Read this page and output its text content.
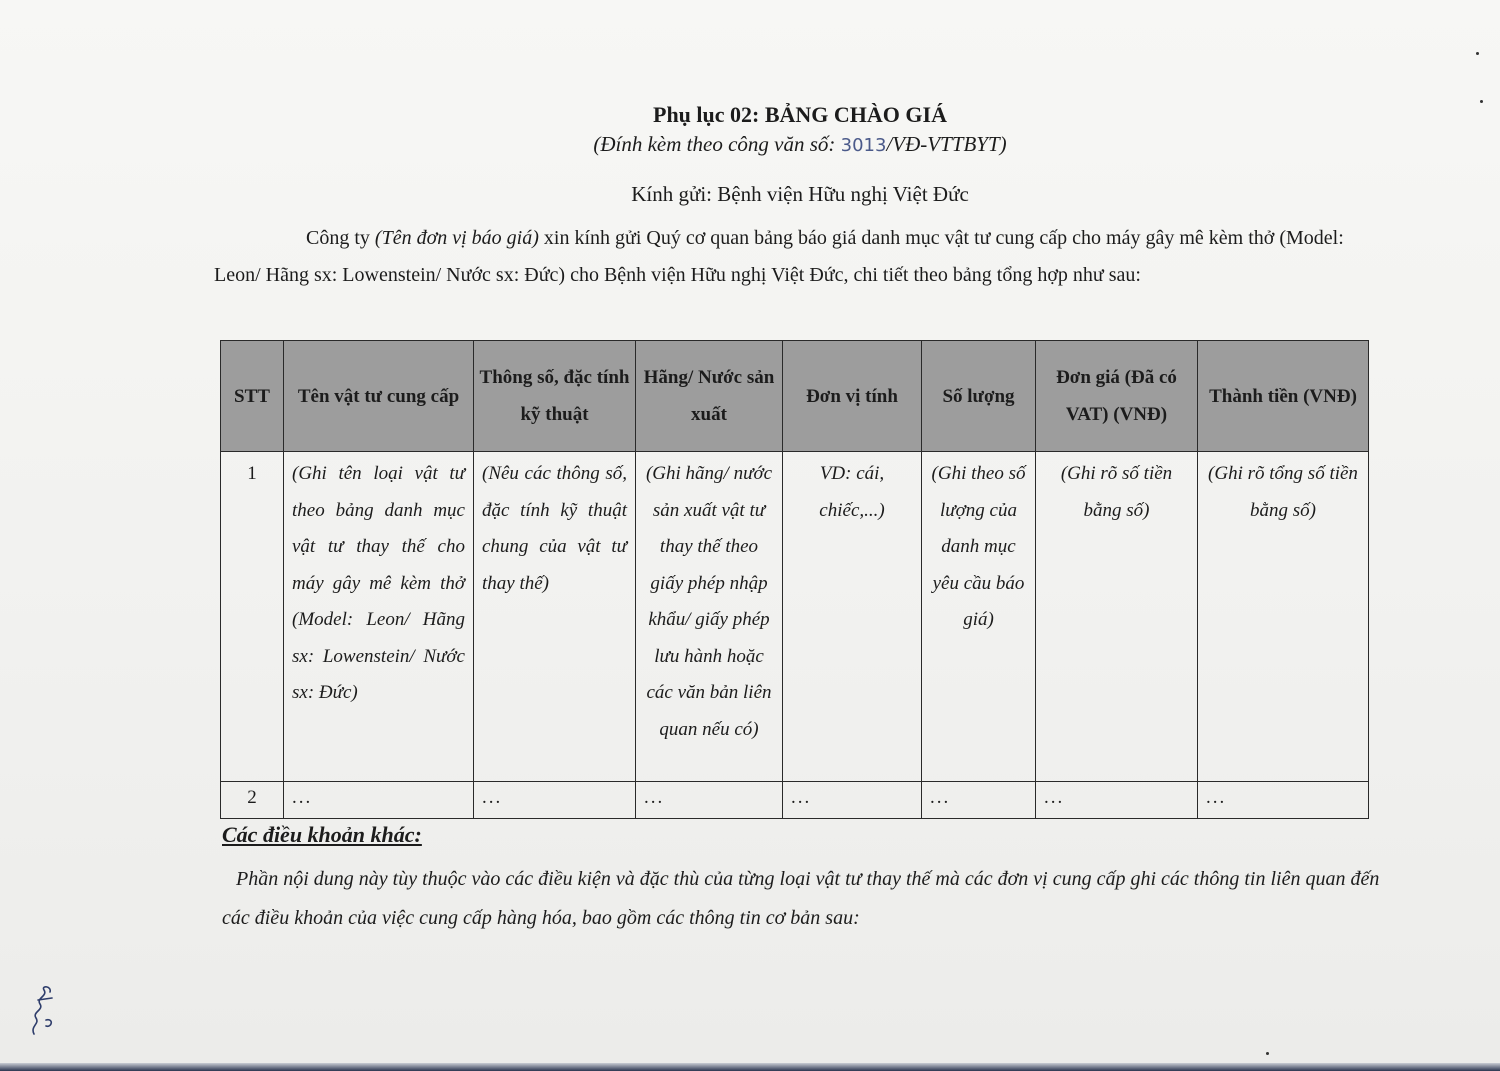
Phụ lục 02: BẢNG CHÀO GIÁ
(Đính kèm theo công văn số: 3013/VĐ-VTTBYT)
Kính gửi: Bệnh viện Hữu nghị Việt Đức
Công ty (Tên đơn vị báo giá) xin kính gửi Quý cơ quan bảng báo giá danh mục vật tư cung cấp cho máy gây mê kèm thở (Model: Leon/ Hãng sx: Lowenstein/ Nước sx: Đức) cho Bệnh viện Hữu nghị Việt Đức, chi tiết theo bảng tổng hợp như sau:
STT	Tên vật tư cung cấp	Thông số, đặc tính kỹ thuật	Hãng/ Nước sản xuất	Đơn vị tính	Số lượng	Đơn giá (Đã có VAT) (VNĐ)	Thành tiền (VNĐ)
1	(Ghi tên loại vật tư theo bảng danh mục vật tư thay thế cho máy gây mê kèm thở (Model: Leon/ Hãng sx: Lowenstein/ Nước sx: Đức)	(Nêu các thông số, đặc tính kỹ thuật chung của vật tư thay thế)	(Ghi hãng/ nước sản xuất vật tư thay thế theo giấy phép nhập khẩu/ giấy phép lưu hành hoặc các văn bản liên quan nếu có)	VD: cái, chiếc,...)	(Ghi theo số lượng của danh mục yêu cầu báo giá)	(Ghi rõ số tiền bằng số)	(Ghi rõ tổng số tiền bằng số)
2	...	...	...	...	...	...	...
Các điều khoản khác:
Phần nội dung này tùy thuộc vào các điều kiện và đặc thù của từng loại vật tư thay thế mà các đơn vị cung cấp ghi các thông tin liên quan đến các điều khoản của việc cung cấp hàng hóa, bao gồm các thông tin cơ bản sau:
